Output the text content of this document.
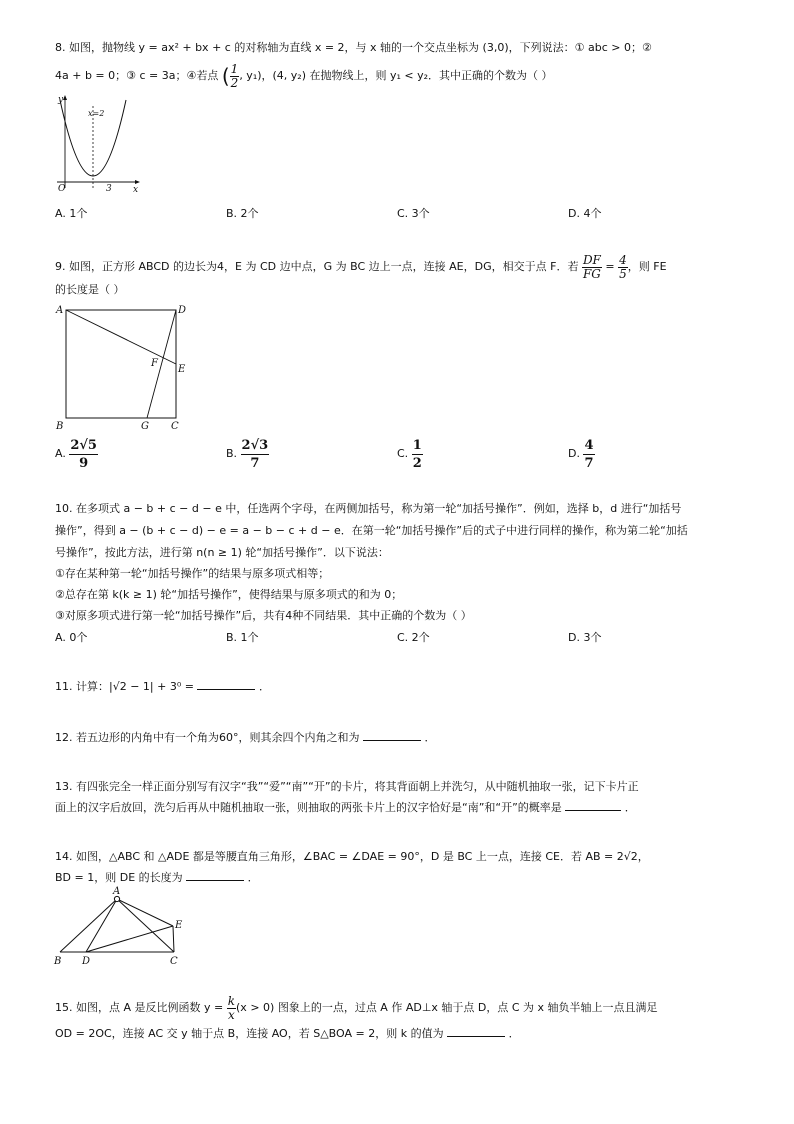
8. 如图，抛物线 y = ax² + bx + c 的对称轴为直线 x = 2，与 x 轴的一个交点坐标为 (3,0)，下列说法：① abc > 0；②
4a + b = 0；③ c = 3a；④若点 ( $\frac{1}{2}$ , y₁)，(4, y₂) 在抛物线上，则 y₁ < y₂．其中正确的个数为（ ）
y
x
x=2
O	3
A. 1个	B. 2个	C. 3个	D. 4个
9. 如图，正方形 ABCD 的边长为4，E 为 CD 边中点，G 为 BC 边上一点，连接 AE，DG，相交于点 F．若 $\frac{DF}{FG} = \frac{4}{5}$ ，则 FE
的长度是（ ）
A	D
B	C
E
F
G
A. $\frac{2√5}{9}$	B. $\frac{2√3}{7}$	C. $\frac{1}{2}$	D. $\frac{4}{7}$
10. 在多项式 a − b + c − d − e 中，任选两个字母，在两侧加括号，称为第一轮“加括号操作”．例如，选择 b，d 进行“加括号
操作”，得到 a − (b + c − d) − e = a − b − c + d − e．在第一轮“加括号操作”后的式子中进行同样的操作，称为第二轮“加括
号操作”，按此方法，进行第 n(n ≥ 1) 轮“加括号操作”．以下说法：
①存在某种第一轮“加括号操作”的结果与原多项式相等；
②总存在第 k(k ≥ 1) 轮“加括号操作”，使得结果与原多项式的和为 0；
③对原多项式进行第一轮“加括号操作”后，共有4种不同结果．其中正确的个数为（ ）
A. 0个	B. 1个	C. 2个	D. 3个
11. 计算：|√2 − 1| + 3⁰ =	．
12. 若五边形的内角中有一个角为60°，则其余四个内角之和为	．
13. 有四张完全一样正面分别写有汉字“我”“爱”“南”“开”的卡片，将其背面朝上并洗匀，从中随机抽取一张，记下卡片正
面上的汉字后放回，洗匀后再从中随机抽取一张，则抽取的两张卡片上的汉字恰好是“南”和“开”的概率是	．
14. 如图，△ABC 和 △ADE 都是等腰直角三角形，∠BAC = ∠DAE = 90°，D 是 BC 上一点，连接 CE．若 AB = 2√2，
BD = 1，则 DE 的长度为	．
A
B D	C
E
15. 如图，点 A 是反比例函数 $y = \frac{k}{x} (x > 0)$ 图象上的一点，过点 A 作 AD⊥x 轴于点 D，点 C 为 x 轴负半轴上一点且满足
OD = 2OC，连接 AC 交 y 轴于点 B，连接 AO，若 S△BOA = 2，则 k 的值为	．
